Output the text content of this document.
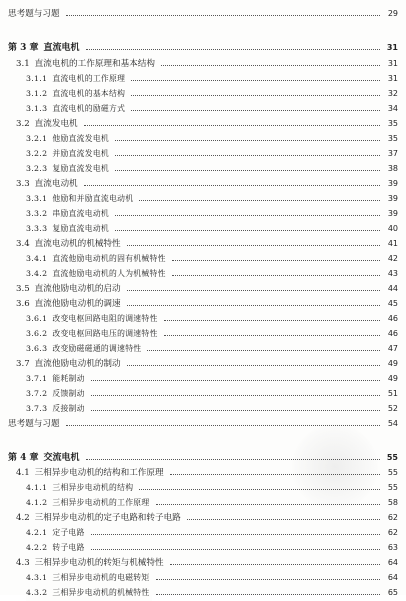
思考题与习题	29
第 3 章 直流电机	31
3.1 直流电机的工作原理和基本结构	31
3.1.1 直流电机的工作原理	31
3.1.2 直流电机的基本结构	32
3.1.3 直流电机的励磁方式	34
3.2 直流发电机	35
3.2.1 他励直流发电机	35
3.2.2 并励直流发电机	37
3.2.3 复励直流发电机	38
3.3 直流电动机	39
3.3.1 他励和并励直流电动机	39
3.3.2 串励直流电动机	39
3.3.3 复励直流电动机	40
3.4 直流电动机的机械特性	41
3.4.1 直流他励电动机的固有机械特性	42
3.4.2 直流他励电动机的人为机械特性	43
3.5 直流他励电动机的启动	44
3.6 直流他励电动机的调速	45
3.6.1 改变电枢回路电阻的调速特性	46
3.6.2 改变电枢回路电压的调速特性	46
3.6.3 改变励磁磁通的调速特性	47
3.7 直流他励电动机的制动	49
3.7.1 能耗制动	49
3.7.2 反馈制动	51
3.7.3 反接制动	52
思考题与习题	54
第 4 章 交流电机	55
4.1 三相异步电动机的结构和工作原理	55
4.1.1 三相异步电动机的结构	55
4.1.2 三相异步电动机的工作原理	58
4.2 三相异步电动机的定子电路和转子电路	62
4.2.1 定子电路	62
4.2.2 转子电路	63
4.3 三相异步电动机的转矩与机械特性	64
4.3.1 三相异步电动机的电磁转矩	64
4.3.2 三相异步电动机的机械特性	65
